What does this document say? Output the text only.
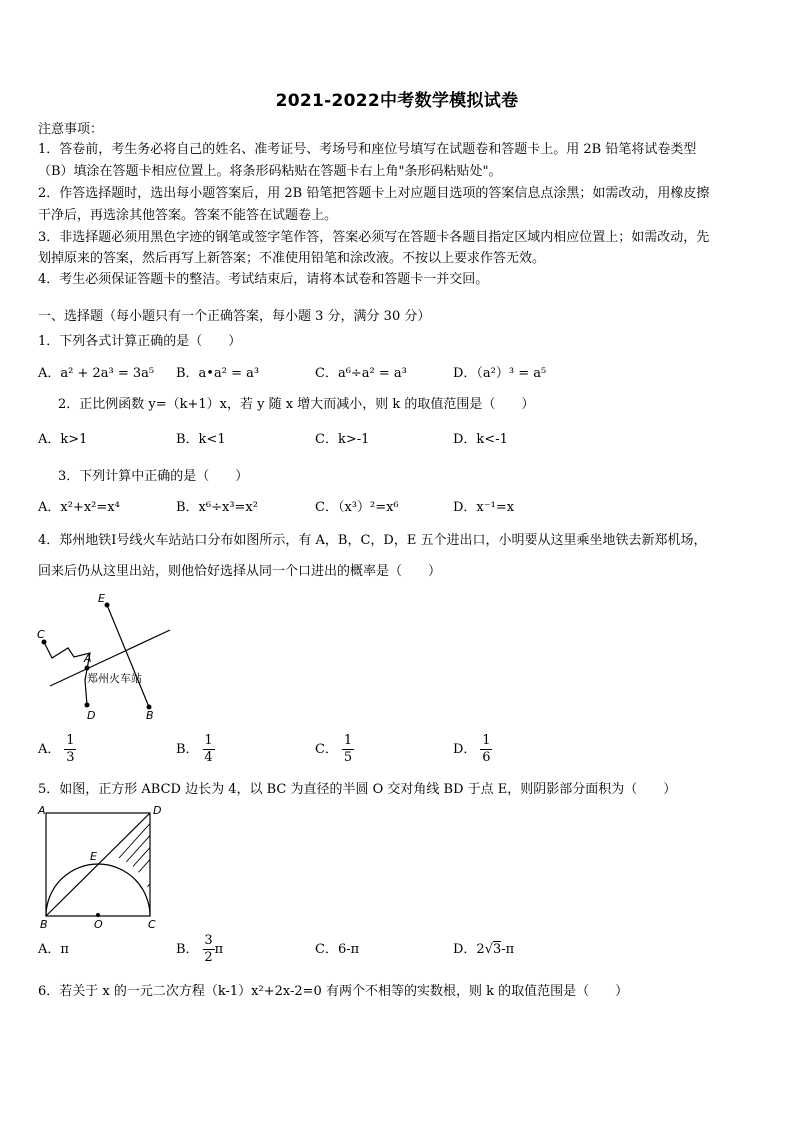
2021-2022中考数学模拟试卷
注意事项：
1．答卷前，考生务必将自己的姓名、准考证号、考场号和座位号填写在试题卷和答题卡上。用 2B 铅笔将试卷类型
（B）填涂在答题卡相应位置上。将条形码粘贴在答题卡右上角"条形码粘贴处"。
2．作答选择题时，选出每小题答案后，用 2B 铅笔把答题卡上对应题目选项的答案信息点涂黑；如需改动，用橡皮擦
干净后，再选涂其他答案。答案不能答在试题卷上。
3．非选择题必须用黑色字迹的钢笔或签字笔作答，答案必须写在答题卡各题目指定区域内相应位置上；如需改动，先
划掉原来的答案，然后再写上新答案；不准使用铅笔和涂改液。不按以上要求作答无效。
4．考生必须保证答题卡的整洁。考试结束后，请将本试卷和答题卡一并交回。
一、选择题（每小题只有一个正确答案，每小题 3 分，满分 30 分）
1．下列各式计算正确的是（　　）
A．a² + 2a³ = 3a⁵ B．a•a² = a³	C．a⁶÷a² = a³	D．（a²）³ = a⁵
2．正比例函数 y=（k+1）x，若 y 随 x 增大而减小，则 k 的取值范围是（　　）
A．k>1	B．k<1	C．k>-1	D．k<-1
3．下列计算中正确的是（　　）
A．x²+x²=x⁴	B．x⁶÷x³=x²	C．（x³）²=x⁶	D．x⁻¹=x
4．郑州地铁Ⅰ号线火车站站口分布如图所示，有 A，B，C，D，E 五个进出口，小明要从这里乘坐地铁去新郑机场，
回来后仍从这里出站，则他恰好选择从同一个口进出的概率是（　　）
C
E
A
D	B
郑州火车站
A． $\frac{1}{3}$	B． $\frac{1}{4}$	C． $\frac{1}{5}$	D． $\frac{1}{6}$
5．如图，正方形 ABCD 边长为 4，以 BC 为直径的半圆 O 交对角线 BD 于点 E，则阴影部分面积为（　　）
A	D
E
B	O	C
A．π	B． $\frac{3}{2}$ π	C．6-π	D．2√3-π
6．若关于 x 的一元二次方程（k-1）x²+2x-2=0 有两个不相等的实数根，则 k 的取值范围是（　　）
